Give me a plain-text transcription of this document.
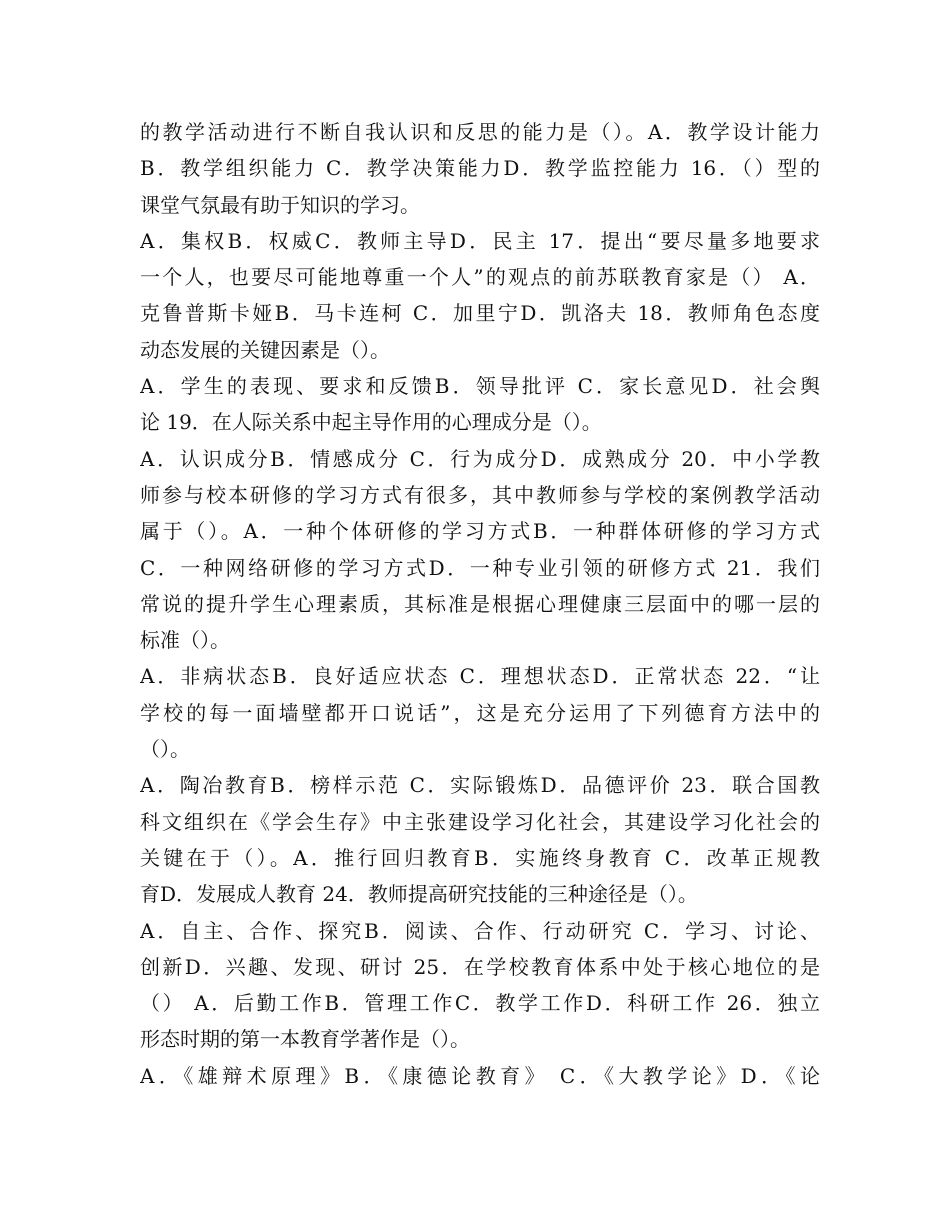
的教学活动进行不断自我认识和反思的能力是（）。A．教学设计能力
B．教学组织能力 C．教学决策能力D．教学监控能力 16．（）型的
课堂气氛最有助于知识的学习。
A．集权B．权威C．教师主导D．民主 17．提出“要尽量多地要求
一个人，也要尽可能地尊重一个人”的观点的前苏联教育家是（） A．
克鲁普斯卡娅B．马卡连柯 C．加里宁D．凯洛夫 18．教师角色态度
动态发展的关键因素是（）。
A．学生的表现、要求和反馈B．领导批评 C．家长意见D．社会舆
论 19．在人际关系中起主导作用的心理成分是（）。
A．认识成分B．情感成分 C．行为成分D．成熟成分 20．中小学教
师参与校本研修的学习方式有很多，其中教师参与学校的案例教学活动
属于（）。A．一种个体研修的学习方式B．一种群体研修的学习方式
C．一种网络研修的学习方式D．一种专业引领的研修方式 21．我们
常说的提升学生心理素质，其标准是根据心理健康三层面中的哪一层的
标准（）。
A．非病状态B．良好适应状态 C．理想状态D．正常状态 22．“让
学校的每一面墙壁都开口说话”，这是充分运用了下列德育方法中的
（）。
A．陶冶教育B．榜样示范 C．实际锻炼D．品德评价 23．联合国教
科文组织在《学会生存》中主张建设学习化社会，其建设学习化社会的
关键在于（）。A．推行回归教育B．实施终身教育 C．改革正规教
育D．发展成人教育 24．教师提高研究技能的三种途径是（）。
A．自主、合作、探究B．阅读、合作、行动研究 C．学习、讨论、
创新D．兴趣、发现、研讨 25．在学校教育体系中处于核心地位的是
（） A．后勤工作B．管理工作C．教学工作D．科研工作 26．独立
形态时期的第一本教育学著作是（）。
A．《雄辩术原理》B．《康德论教育》 C．《大教学论》D．《论
